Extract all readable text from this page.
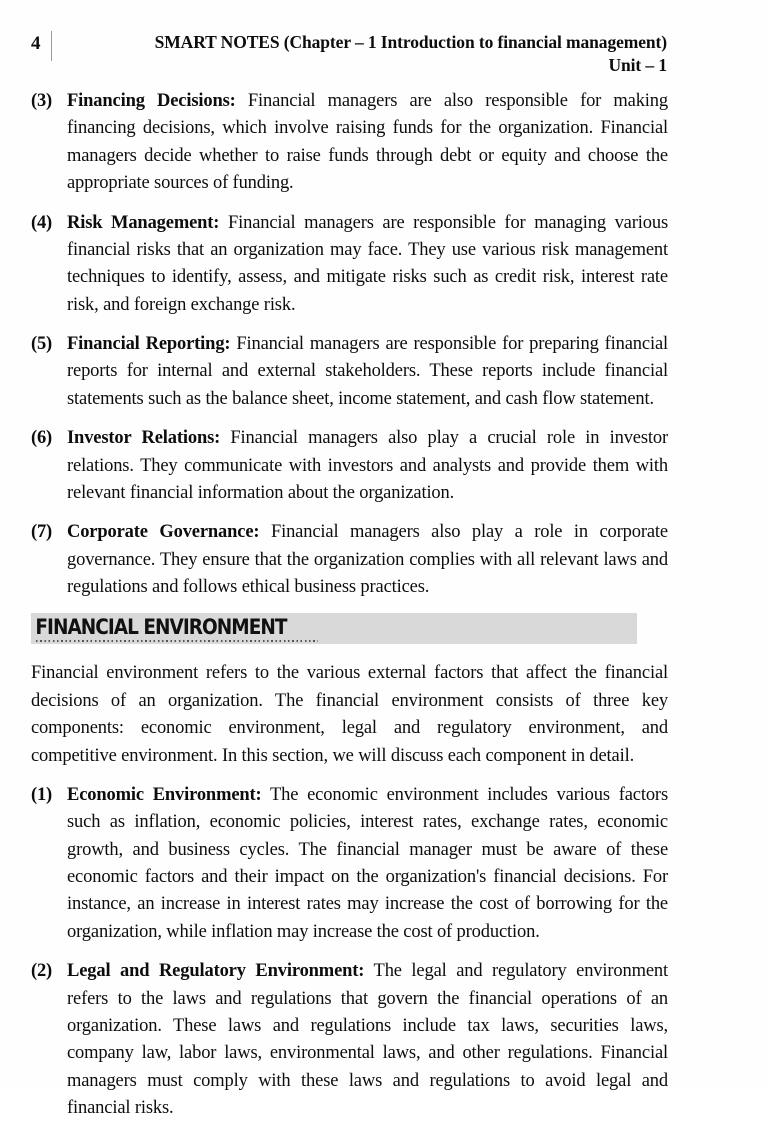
4	SMART NOTES (Chapter – 1 Introduction to financial management)
Unit – 1
(3) Financing Decisions: Financial managers are also responsible for making financing decisions, which involve raising funds for the organization. Financial managers decide whether to raise funds through debt or equity and choose the appropriate sources of funding.
(4) Risk Management: Financial managers are responsible for managing various financial risks that an organization may face. They use various risk management techniques to identify, assess, and mitigate risks such as credit risk, interest rate risk, and foreign exchange risk.
(5) Financial Reporting: Financial managers are responsible for preparing financial reports for internal and external stakeholders. These reports include financial statements such as the balance sheet, income statement, and cash flow statement.
(6) Investor Relations: Financial managers also play a crucial role in investor relations. They communicate with investors and analysts and provide them with relevant financial information about the organization.
(7) Corporate Governance: Financial managers also play a role in corporate governance. They ensure that the organization complies with all relevant laws and regulations and follows ethical business practices.
FINANCIAL ENVIRONMENT
Financial environment refers to the various external factors that affect the financial decisions of an organization. The financial environment consists of three key components: economic environment, legal and regulatory environment, and competitive environment. In this section, we will discuss each component in detail.
(1) Economic Environment: The economic environment includes various factors such as inflation, economic policies, interest rates, exchange rates, economic growth, and business cycles. The financial manager must be aware of these economic factors and their impact on the organization's financial decisions. For instance, an increase in interest rates may increase the cost of borrowing for the organization, while inflation may increase the cost of production.
(2) Legal and Regulatory Environment: The legal and regulatory environment refers to the laws and regulations that govern the financial operations of an organization. These laws and regulations include tax laws, securities laws, company law, labor laws, environmental laws, and other regulations. Financial managers must comply with these laws and regulations to avoid legal and financial risks.
